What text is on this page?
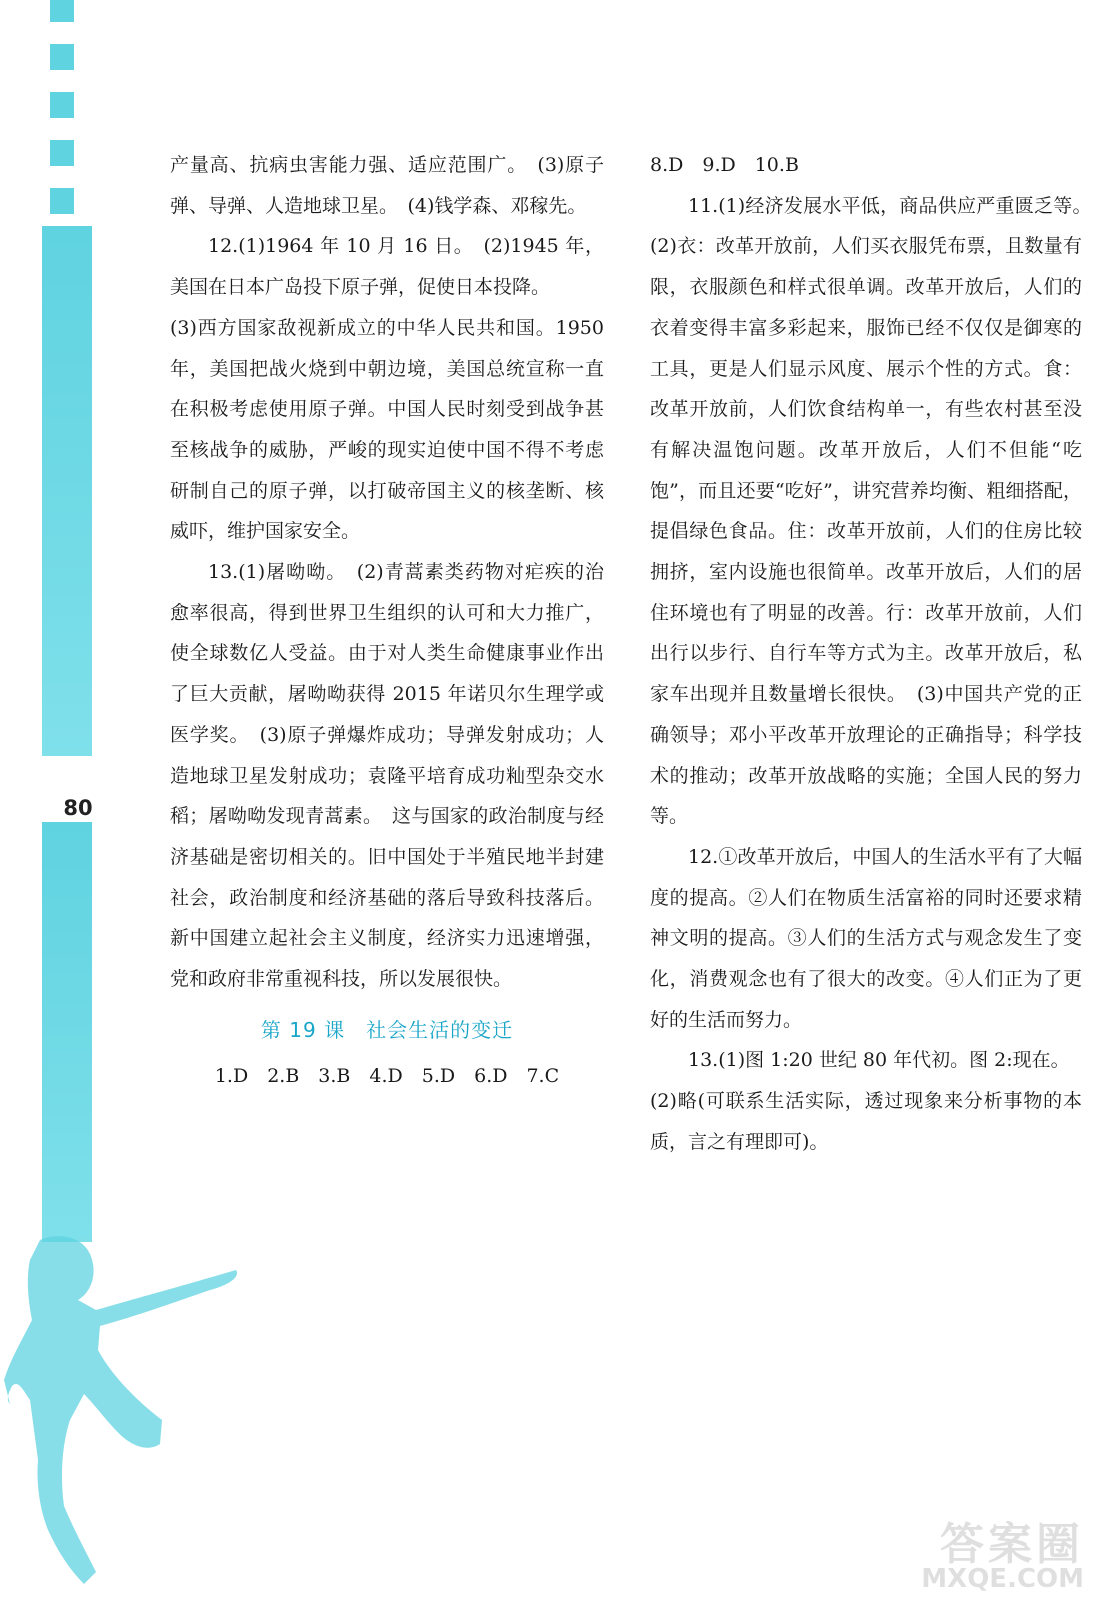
80

产量高、抗病虫害能力强、适应范围广。　(3)原子弹、导弹、人造地球卫星。　(4)钱学森、邓稼先。

12.(1)1964 年 10 月 16 日。　(2)1945 年，美国在日本广岛投下原子弹，促使日本投降。

(3)西方国家敌视新成立的中华人民共和国。1950 年，美国把战火烧到中朝边境，美国总统宣称一直在积极考虑使用原子弹。中国人民时刻受到战争甚至核战争的威胁，严峻的现实迫使中国不得不考虑研制自己的原子弹，以打破帝国主义的核垄断、核威吓，维护国家安全。

13.(1)屠呦呦。　(2)青蒿素类药物对疟疾的治愈率很高，得到世界卫生组织的认可和大力推广，使全球数亿人受益。由于对人类生命健康事业作出了巨大贡献，屠呦呦获得 2015 年诺贝尔生理学或医学奖。　(3)原子弹爆炸成功；导弹发射成功；人造地球卫星发射成功；袁隆平培育成功籼型杂交水稻；屠呦呦发现青蒿素。　这与国家的政治制度与经济基础是密切相关的。旧中国处于半殖民地半封建社会，政治制度和经济基础的落后导致科技落后。新中国建立起社会主义制度，经济实力迅速增强，党和政府非常重视科技，所以发展很快。

第 19 课　社会生活的变迁

1.D　2.B　3.B　4.D　5.D　6.D　7.C

8.D　9.D　10.B

11.(1)经济发展水平低，商品供应严重匮乏等。　(2)衣：改革开放前，人们买衣服凭布票，且数量有限，衣服颜色和样式很单调。改革开放后，人们的衣着变得丰富多彩起来，服饰已经不仅仅是御寒的工具，更是人们显示风度、展示个性的方式。食：改革开放前，人们饮食结构单一，有些农村甚至没有解决温饱问题。改革开放后，人们不但能“吃饱”，而且还要“吃好”，讲究营养均衡、粗细搭配，提倡绿色食品。住：改革开放前，人们的住房比较拥挤，室内设施也很简单。改革开放后，人们的居住环境也有了明显的改善。行：改革开放前，人们出行以步行、自行车等方式为主。改革开放后，私家车出现并且数量增长很快。　(3)中国共产党的正确领导；邓小平改革开放理论的正确指导；科学技术的推动；改革开放战略的实施；全国人民的努力等。

12.①改革开放后，中国人的生活水平有了大幅度的提高。②人们在物质生活富裕的同时还要求精神文明的提高。③人们的生活方式与观念发生了变化，消费观念也有了很大的改变。④人们正为了更好的生活而努力。

13.(1)图 1:20 世纪 80 年代初。图 2:现在。

(2)略(可联系生活实际，透过现象来分析事物的本质，言之有理即可)。

答案圈
MXQE.COM
